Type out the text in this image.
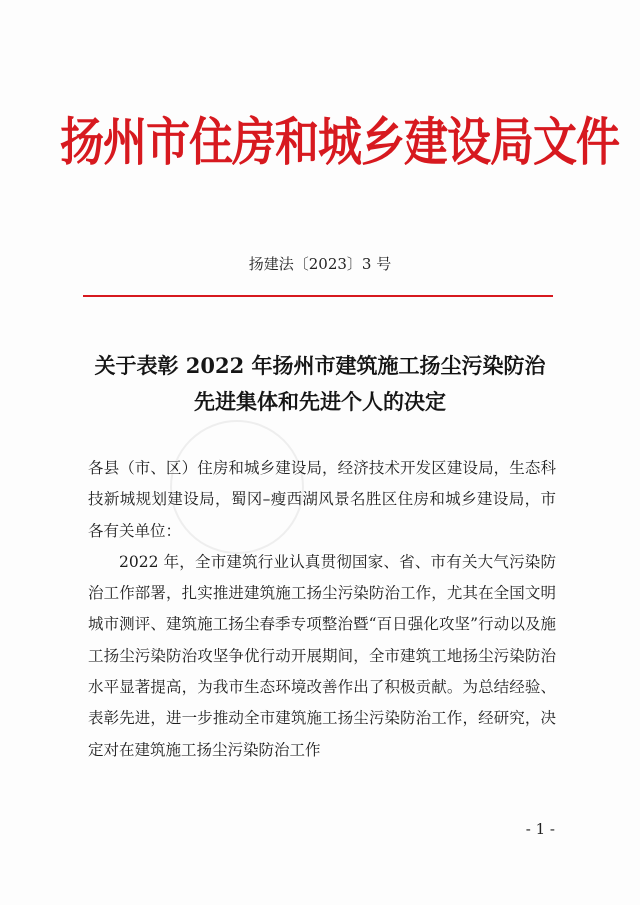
扬州市住房和城乡建设局文件
扬建法〔2023〕3 号
关于表彰 2022 年扬州市建筑施工扬尘污染防治
先进集体和先进个人的决定

各县（市、区）住房和城乡建设局，经济技术开发区建设局，生态科技新城规划建设局，蜀冈–瘦西湖风景名胜区住房和城乡建设局，市各有关单位：

2022 年，全市建筑行业认真贯彻国家、省、市有关大气污染防治工作部署，扎实推进建筑施工扬尘污染防治工作，尤其在全国文明城市测评、建筑施工扬尘春季专项整治暨“百日强化攻坚”行动以及施工扬尘污染防治攻坚争优行动开展期间，全市建筑工地扬尘污染防治水平显著提高，为我市生态环境改善作出了积极贡献。为总结经验、表彰先进，进一步推动全市建筑施工扬尘污染防治工作，经研究，决定对在建筑施工扬尘污染防治工作

- 1 -
